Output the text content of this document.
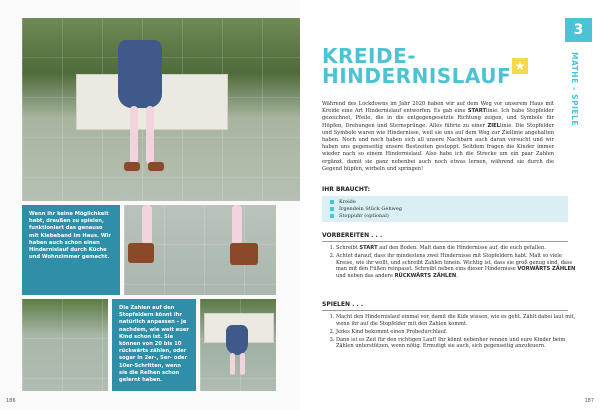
Wenn ihr keine Möglichkeit habt, draußen zu spielen, funktioniert das genauso mit Klebeband im Haus. Wir haben auch schon einen Hindernislauf durch Küche und Wohnzimmer gemacht.
Die Zahlen auf den Stopfeldern könnt ihr natürlich anpassen – je nachdem, wie weit euer Kind schon ist. Sie können von 20 bis 10 rückwärts zählen, oder sogar in 2er-, 5er- oder 10er-Schritten, wenn sie die Reihen schon gelernt haben.
186
3
MATHE – SPIELE
KREIDE-
HINDERNISLAUF ★

Während des Lockdowns im Jahr 2020 haben wir auf dem Weg vor unserem Haus mit Kreide eine Art Hindernislauf entworfen. Es gab eine STARTlinie. Ich habe Stopfelder gezeichnet, Pfeile, die in die entgegengesetzte Richtung zeigen, und Symbole für Hüpfen, Drehungen und Sternsprünge. Alles führte zu einer ZIELlinie. Die Stopfelder und Symbole waren wie Hindernisse, weil sie uns auf dem Weg zur Ziellinie angehalten haben. Noch und noch haben sich all unsere Nachbarn auch daran versucht und wir haben uns gegenseitig unsere Bestzeiten gestoppt. Seitdem fragen die Kinder immer wieder nach so einem Hindernislauf. Also habe ich die Strecke um ein paar Zahlen ergänzt, damit sie ganz nebenbei auch noch etwas lernen, während sie durch die Gegend hüpfen, wirbeln und springen!

IHR BRAUCHT:
Kreide
Irgendein Stück Gehweg
Stoppuhr (optional)
VORBEREITEN . . .
1. Schreibt START auf den Boden. Malt dann die Hindernisse auf, die euch gefallen.
2. Achtet darauf, dass ihr mindestens zwei Hindernisse mit Stopfeldern habt. Malt so viele Kreise, wie ihr wollt, und schreibt Zahlen hinein. Wichtig ist, dass sie groß genug sind, dass man mit den Füßen reinpasst. Schreibt neben eins dieser Hindernisse VORWÄRTS ZÄHLEN und neben das andere RÜCKWÄRTS ZÄHLEN.
SPIELEN . . .
1. Macht den Hindernislauf einmal vor, damit die Kids wissen, wie es geht. Zählt dabei laut mit, wenn ihr auf die Stopfelder mit den Zahlen kommt.
2. Jedes Kind bekommt einen Probedurchlauf.
3. Dann ist es Zeit für den richtigen Lauf! Ihr könnt nebenher rennen und eure Kinder beim Zählen unterstützen, wenn nötig. Ermutigt sie auch, sich gegenseitig anzufeuern.
187
